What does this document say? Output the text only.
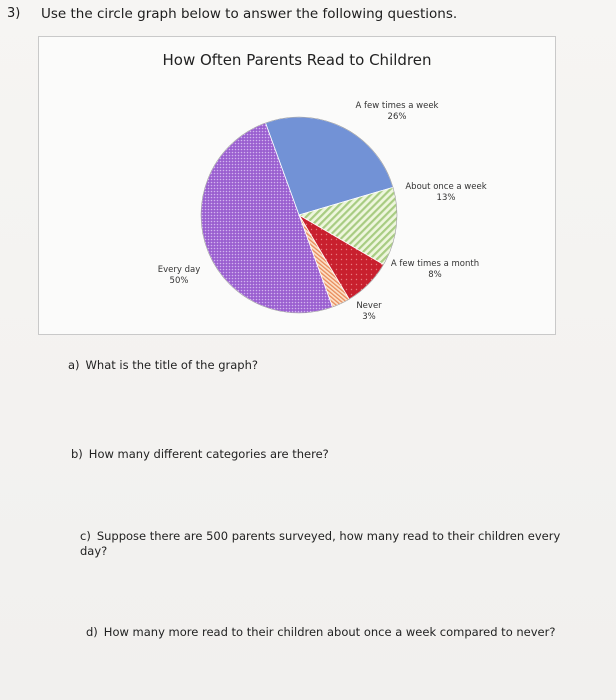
3) Use the circle graph below to answer the following questions.
How Often Parents Read to Children
A few times a week
26%
About once a week
13%
A few times a month
8%
Never
3%
Every day
50%
a) What is the title of the graph?
b) How many different categories are there?
c) Suppose there are 500 parents surveyed, how many read to their children every day?
d) How many more read to their children about once a week compared to never?
